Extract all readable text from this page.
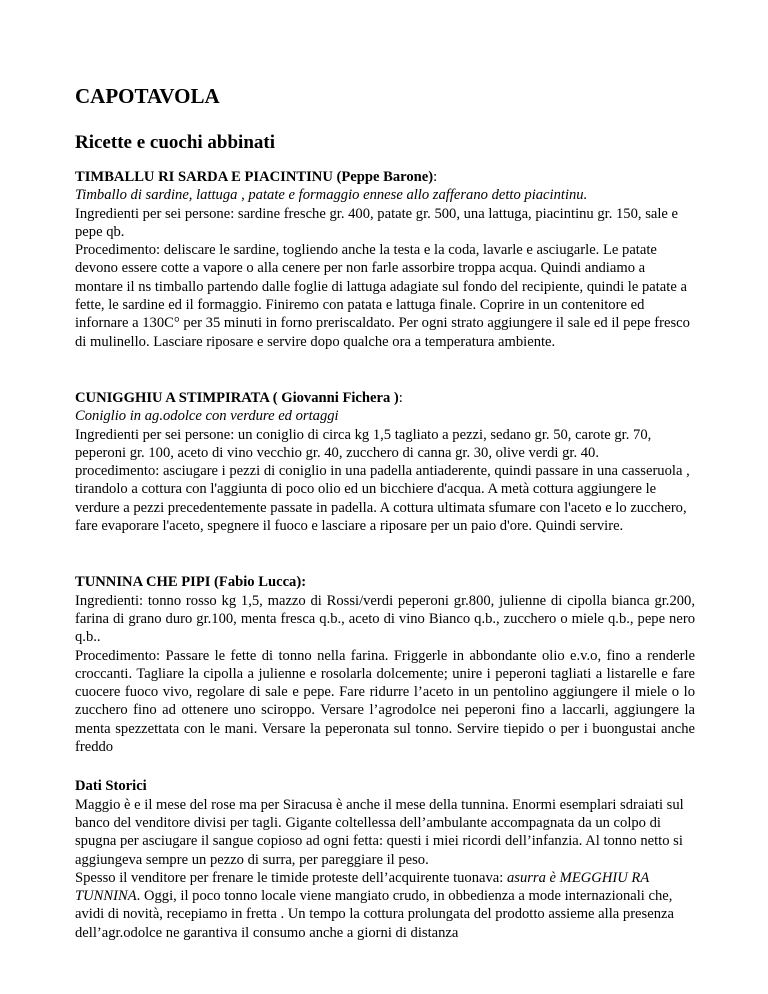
CAPOTAVOLA
Ricette e cuochi abbinati
TIMBALLU RI SARDA E PIACINTINU (Peppe Barone):
Timballo di sardine, lattuga , patate e formaggio ennese allo zafferano detto piacintinu.
Ingredienti per sei persone: sardine fresche gr. 400, patate gr. 500, una lattuga, piacintinu gr. 150, sale e pepe qb.
Procedimento: deliscare le sardine, togliendo anche la testa e la coda, lavarle e asciugarle. Le patate devono essere cotte a vapore o alla cenere per non farle assorbire troppa acqua. Quindi andiamo a montare il ns timballo partendo dalle foglie di lattuga adagiate sul fondo del recipiente, quindi le patate a fette, le sardine ed il formaggio. Finiremo con patata e lattuga finale. Coprire in un contenitore ed infornare a 130C° per 35 minuti in forno preriscaldato. Per ogni strato aggiungere il sale ed il pepe fresco di mulinello. Lasciare riposare e servire dopo qualche ora a temperatura ambiente.
CUNIGGHIU A STIMPIRATA ( Giovanni Fichera ):
Coniglio in ag.odolce con verdure ed ortaggi
Ingredienti per sei persone: un coniglio di circa kg 1,5 tagliato a pezzi, sedano gr. 50, carote gr. 70, peperoni gr. 100, aceto di vino vecchio gr. 40, zucchero di canna gr. 30, olive verdi gr. 40.
procedimento: asciugare i pezzi di coniglio in una padella antiaderente, quindi passare in una casseruola , tirandolo a cottura con l'aggiunta di poco olio ed un bicchiere d'acqua. A metà cottura aggiungere le verdure a pezzi precedentemente passate in padella. A cottura ultimata sfumare con l'aceto e lo zucchero, fare evaporare l'aceto, spegnere il fuoco e lasciare a riposare per un paio d'ore. Quindi servire.
TUNNINA CHE PIPI (Fabio Lucca):
Ingredienti: tonno rosso kg 1,5, mazzo di Rossi/verdi peperoni gr.800, julienne di cipolla bianca gr.200, farina di grano duro gr.100, menta fresca q.b., aceto di vino Bianco q.b., zucchero o miele q.b., pepe nero q.b..
Procedimento: Passare le fette di tonno nella farina. Friggerle in abbondante olio e.v.o, fino a renderle croccanti. Tagliare la cipolla a julienne e rosolarla dolcemente; unire i peperoni tagliati a listarelle e fare cuocere fuoco vivo, regolare di sale e pepe. Fare ridurre l’aceto in un pentolino aggiungere il miele o lo zucchero fino ad ottenere uno sciroppo. Versare l’agrodolce nei peperoni fino a laccarli, aggiungere la menta spezzettata con le mani. Versare la peperonata sul tonno. Servire tiepido o per i buongustai anche freddo
Dati Storici
Maggio è e il mese del rose ma per Siracusa è anche il mese della tunnina. Enormi esemplari sdraiati sul banco del venditore divisi per tagli. Gigante coltellessa dell’ambulante accompagnata da un colpo di spugna per asciugare il sangue copioso ad ogni fetta: questi i miei ricordi dell’infanzia. Al tonno netto si aggiungeva sempre un pezzo di surra, per pareggiare il peso.
Spesso il venditore per frenare le timide proteste dell’acquirente tuonava: asurra è MEGGHIU RA TUNNINA. Oggi, il poco tonno locale viene mangiato crudo, in obbedienza a mode internazionali che, avidi di novità, recepiamo in fretta . Un tempo la cottura prolungata del prodotto assieme alla presenza dell’agr.odolce ne garantiva il consumo anche a giorni di distanza
